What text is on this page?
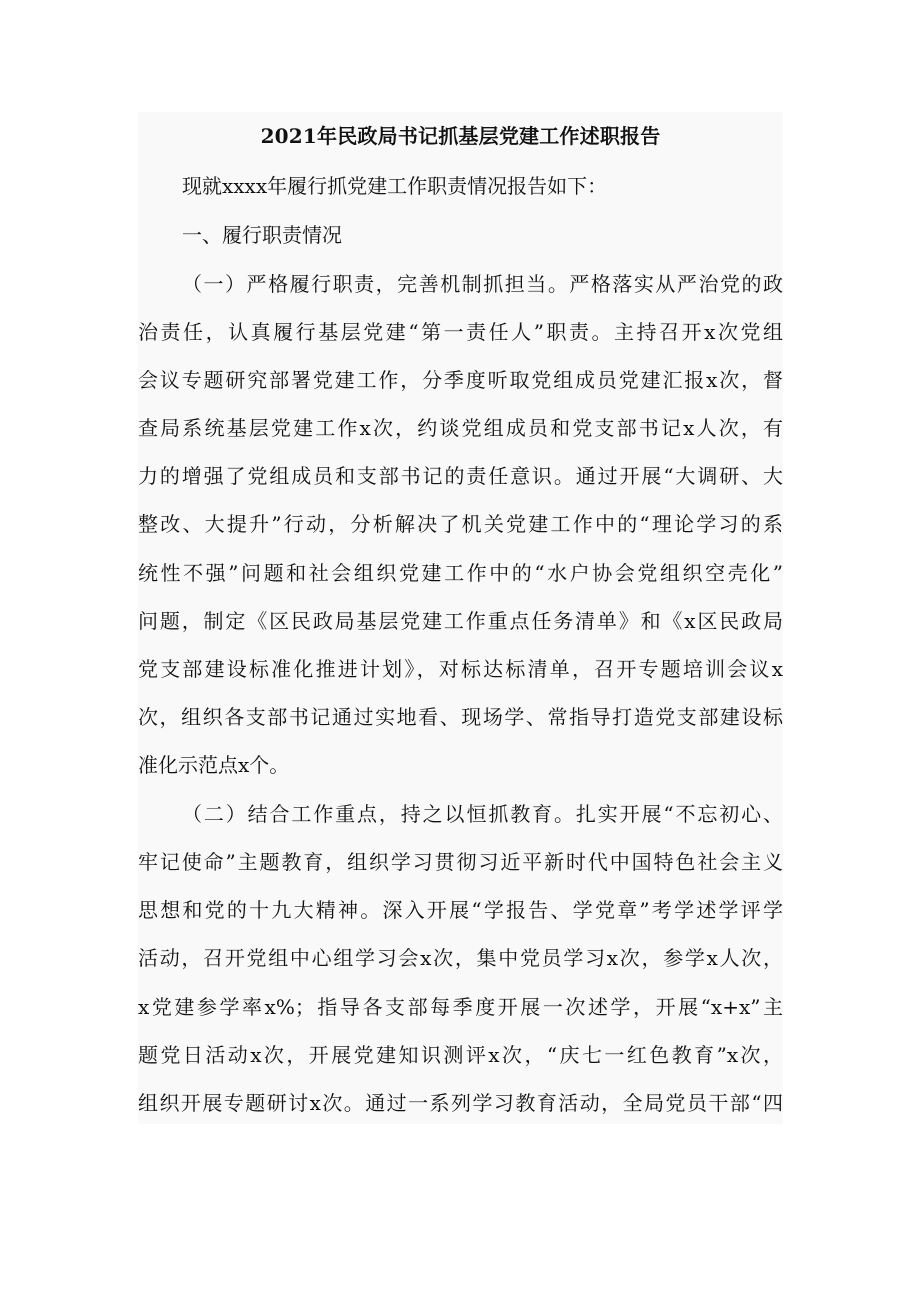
2021年民政局书记抓基层党建工作述职报告
现就xxxx年履行抓党建工作职责情况报告如下：
一、履行职责情况
（一）严格履行职责，完善机制抓担当。严格落实从严治党的政
治责任，认真履行基层党建“第一责任人”职责。主持召开x次党组
会议专题研究部署党建工作，分季度听取党组成员党建汇报x次，督
查局系统基层党建工作x次，约谈党组成员和党支部书记x人次，有
力的增强了党组成员和支部书记的责任意识。通过开展“大调研、大
整改、大提升”行动，分析解决了机关党建工作中的“理论学习的系
统性不强”问题和社会组织党建工作中的“水户协会党组织空壳化”
问题，制定《区民政局基层党建工作重点任务清单》和《x区民政局
党支部建设标准化推进计划》，对标达标清单，召开专题培训会议x
次，组织各支部书记通过实地看、现场学、常指导打造党支部建设标
准化示范点x个。
（二）结合工作重点，持之以恒抓教育。扎实开展“不忘初心、
牢记使命”主题教育，组织学习贯彻习近平新时代中国特色社会主义
思想和党的十九大精神。深入开展“学报告、学党章”考学述学评学
活动，召开党组中心组学习会x次，集中党员学习x次，参学x人次，
x党建参学率x%；指导各支部每季度开展一次述学，开展“x+x”主
题党日活动x次，开展党建知识测评x次，“庆七一红色教育”x次，
组织开展专题研讨x次。通过一系列学习教育活动，全局党员干部“四
